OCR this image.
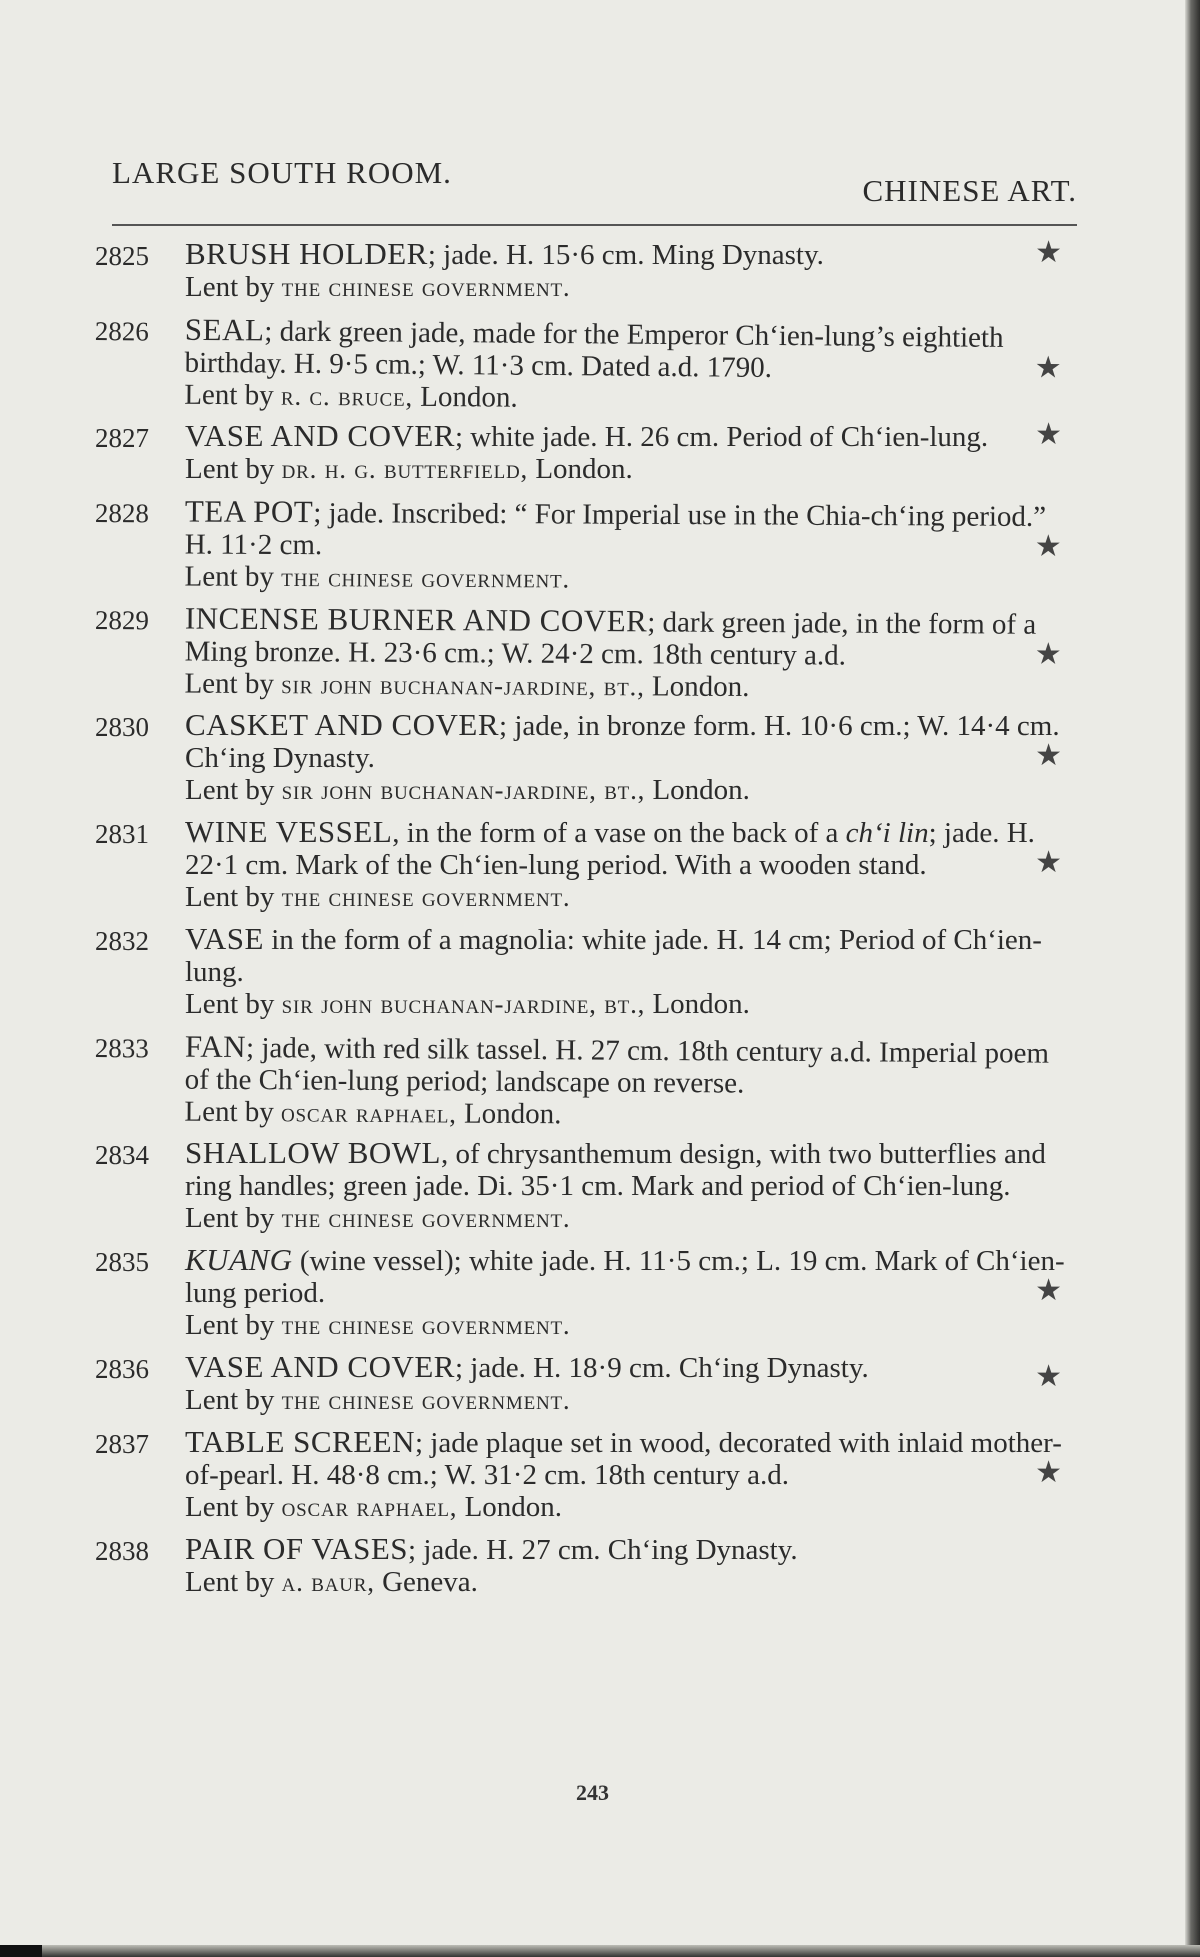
LARGE SOUTH ROOM.
CHINESE ART.
2825	BRUSH HOLDER; jade. H. 15·6 cm. Ming Dynasty.
Lent by the chinese government.
★
2826	SEAL; dark green jade, made for the Emperor Ch‘ien-lung’s eightieth birthday. H. 9·5 cm.; W. 11·3 cm. Dated a.d. 1790.
Lent by r. c. bruce, London.
★
2827	VASE AND COVER; white jade. H. 26 cm. Period of Ch‘ien-lung.
Lent by dr. h. g. butterfield, London.
★
2828	TEA POT; jade. Inscribed: “ For Imperial use in the Chia-ch‘ing period.” H. 11·2 cm.
Lent by the chinese government.
★
2829	INCENSE BURNER AND COVER; dark green jade, in the form of a Ming bronze. H. 23·6 cm.; W. 24·2 cm. 18th century a.d.
Lent by sir john buchanan-jardine, bt., London.
★
2830	CASKET AND COVER; jade, in bronze form. H. 10·6 cm.; W. 14·4 cm. Ch‘ing Dynasty.
Lent by sir john buchanan-jardine, bt., London.
★
2831	WINE VESSEL, in the form of a vase on the back of a ch‘i lin; jade. H. 22·1 cm. Mark of the Ch‘ien-lung period. With a wooden stand.
Lent by the chinese government.
★
2832	VASE in the form of a magnolia: white jade. H. 14 cm; Period of Ch‘ien-lung.
Lent by sir john buchanan-jardine, bt., London.
2833	FAN; jade, with red silk tassel. H. 27 cm. 18th century a.d. Imperial poem of the Ch‘ien-lung period; landscape on reverse.
Lent by oscar raphael, London.
2834	SHALLOW BOWL, of chrysanthemum design, with two butterflies and ring handles; green jade. Di. 35·1 cm. Mark and period of Ch‘ien-lung.
Lent by the chinese government.
2835	KUANG (wine vessel); white jade. H. 11·5 cm.; L. 19 cm. Mark of Ch‘ien-lung period.
Lent by the chinese government.
★
2836	VASE AND COVER; jade. H. 18·9 cm. Ch‘ing Dynasty.
Lent by the chinese government.
★
2837	TABLE SCREEN; jade plaque set in wood, decorated with inlaid mother-of-pearl. H. 48·8 cm.; W. 31·2 cm. 18th century a.d.
Lent by oscar raphael, London.
★
2838	PAIR OF VASES; jade. H. 27 cm. Ch‘ing Dynasty.
Lent by a. baur, Geneva.
243
